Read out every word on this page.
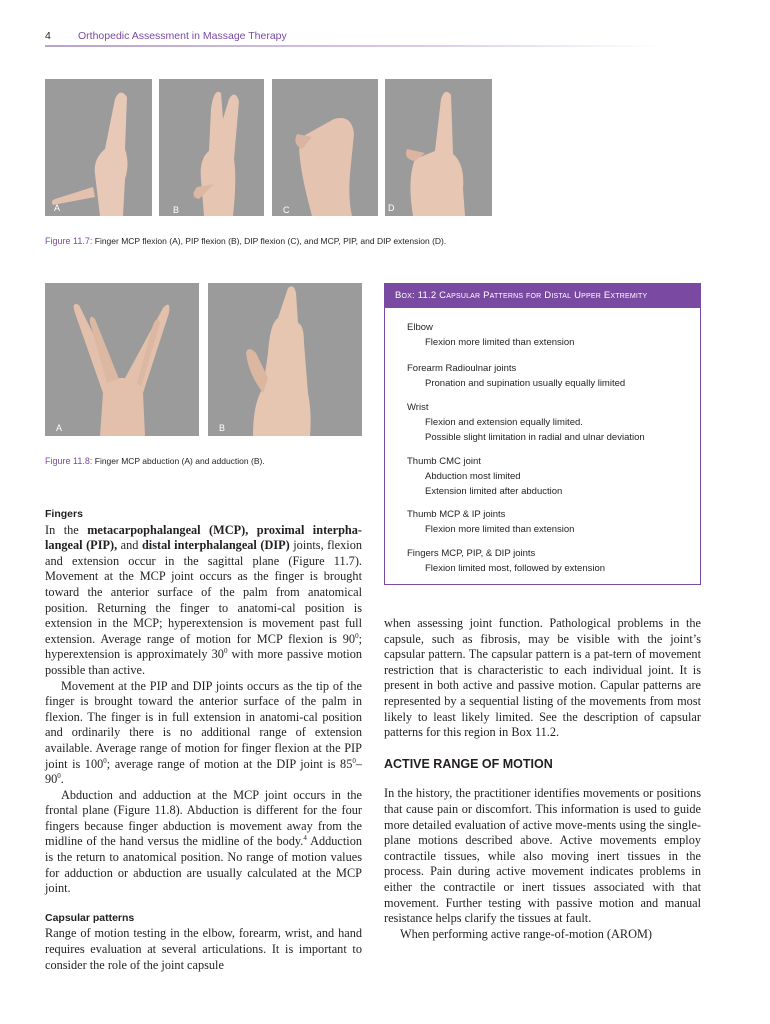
4	Orthopedic Assessment in Massage Therapy
A	B	C	D
Figure 11.7: Finger MCP flexion (A), PIP flexion (B), DIP flexion (C), and MCP, PIP, and DIP extension (D).
A	B
Figure 11.8: Finger MCP abduction (A) and adduction (B).
Box: 11.2 Capsular Patterns for Distal Upper Extremity
Elbow
Flexion more limited than extension
Forearm Radioulnar joints
Pronation and supination usually equally limited
Wrist
Flexion and extension equally limited.
Possible slight limitation in radial and ulnar deviation
Thumb CMC joint
Abduction most limited
Extension limited after abduction
Thumb MCP & IP joints
Flexion more limited than extension
Fingers MCP, PIP, & DIP joints
Flexion limited most, followed by extension

Fingers

In the metacarpophalangeal (MCP), proximal interpha-langeal (PIP), and distal interphalangeal (DIP) joints, flexion and extension occur in the sagittal plane (Figure 11.7). Movement at the MCP joint occurs as the finger is brought toward the anterior surface of the palm from anatomical position. Returning the finger to anatomi-cal position is extension in the MCP; hyperextension is movement past full extension. Average range of motion for MCP flexion is $90^0$; hyperextension is approximately $30^0$ with more passive motion possible than active.

Movement at the PIP and DIP joints occurs as the tip of the finger is brought toward the anterior surface of the palm in flexion. The finger is in full extension in anatomi-cal position and ordinarily there is no additional range of extension available. Average range of motion for finger flexion at the PIP joint is $100^0$; average range of motion at the DIP joint is $85^0-90^0$.

Abduction and adduction at the MCP joint occurs in the frontal plane (Figure 11.8). Abduction is different for the four fingers because finger abduction is movement away from the midline of the hand versus the midline of the body.$^4$ Adduction is the return to anatomical position. No range of motion values for adduction or abduction are usually calculated at the MCP joint.

Capsular patterns

Range of motion testing in the elbow, forearm, wrist, and hand requires evaluation at several articulations. It is important to consider the role of the joint capsule

when assessing joint function. Pathological problems in the capsule, such as fibrosis, may be visible with the joint’s capsular pattern. The capsular pattern is a pat-tern of movement restriction that is characteristic to each individual joint. It is present in both active and passive motion. Capular patterns are represented by a sequential listing of the movements from most likely to least likely limited. See the description of capsular patterns for this region in Box 11.2.

ACTIVE RANGE OF MOTION

In the history, the practitioner identifies movements or positions that cause pain or discomfort. This information is used to guide more detailed evaluation of active move-ments using the single-plane motions described above. Active movements employ contractile tissues, while also moving inert tissues in the process. Pain during active movement indicates problems in either the contractile or inert tissues associated with that movement. Further testing with passive motion and manual resistance helps clarify the tissues at fault.

When performing active range-of-motion (AROM)
